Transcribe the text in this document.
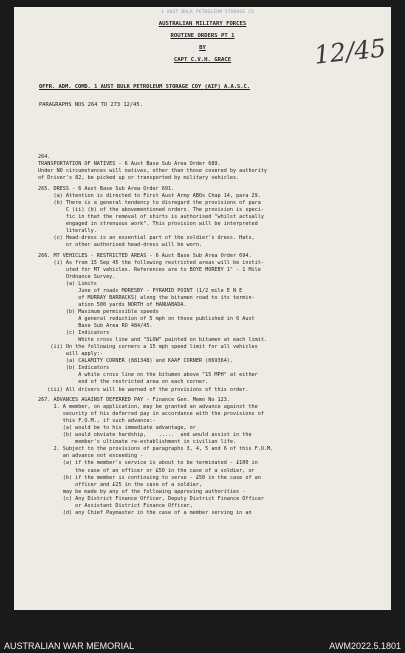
1 AUST BULK PETROLEUM STORAGE CO
AUSTRALIAN MILITARY FORCES
ROUTINE ORDERS PT 1
BY
CAPT C.V.H. GRACE	12/45
OFFR. ADM. COMD. 1 AUST BULK PETROLEUM STORAGE COY (AIF) A.A.S.C.
PARAGRAPHS NOS 264 TO 273 12/45.
264.
TRANSPORTATION OF NATIVES - 6 Aust Base Sub Area Order 689.
Under NO circumstances will natives, other than those covered by authority
of Driver's 82, be picked up or transported by military vehicles.
265. DRESS - 6 Aust Base Sub Area Order 691.
(a) Attention is directed to First Aust Army ABOs Chap 14, para 29.
(b) There is a general tendency to disregard the provisions of para
C (ii) (b) of the abovementioned orders. The provision is speci-
fic in that the removal of shirts is authorised "whilst actually
engaged in strenuous work". This provision will be interpreted
literally.
(c) Head-dress is an essential part of the soldier's dress. Hats,
or other authorised head-dress will be worn.
266. MT VEHICLES - RESTRICTED AREAS - 6 Aust Base Sub Area Order 694.
(i) As from 15 Sep 45 the following restricted areas will be instit-
uted for MT vehicles. References are to BOYE MOREBY 1" - 1 Mile
Ordnance Survey.
(a) Limits
June of roads MORESBY - PYRAMID POINT (1/2 mile E N E
of MURRAY BARRACKS) along the bitumen road to its termin-
ation 500 yards NORTH of HANUABADA.
(b) Maximum permissible speeds
A general reduction of 5 mph on those published in 6 Aust
Base Sub Area RO 484/45.
(c) Indicators
White cross line and "SLOW" painted on bitumen at each limit.
(ii) On the following corners a 15 mph speed limit for all vehicles
will apply:-
(a) CALAMITY CORNER (881348) and KAAF CORNER (069364).
(b) Indicators
A white cross line on the bitumen above "15 MPH" at either
end of the restricted area on each corner.
(iii) All drivers will be warned of the provisions of this order.
267. ADVANCES AGAINST DEFERRED PAY - Finance Gen. Memo No 123.
1. A member, on application, may be granted an advance against the
security of his deferred pay in accordance with the provisions of
this F.O.M., if such advance:-
(a) would be to his immediate advantage, or
(b) would obviate hardship,    .....  and would assist in the
member's ultimate re-establishment in civilian life.
2. Subject to the provisions of paragraphs 3, 4, 5 and 6 of this F.O.M.
an advance not exceeding -
(a) if the member's service is about to be terminated - £100 in
the case of an officer or £50 in the case of a soldier, or
(b) if the member is continuing to serve - £50 in the case of an
officer and £25 in the case of a soldier,
may be made by any of the following approving authorities -
(c) Any District Finance Officer, Deputy District Finance Officer
or Assistant District Finance Officer,
(d) any Chief Paymaster in the case of a member serving in an
AUSTRALIAN WAR MEMORIAL	AWM2022.5.1801
